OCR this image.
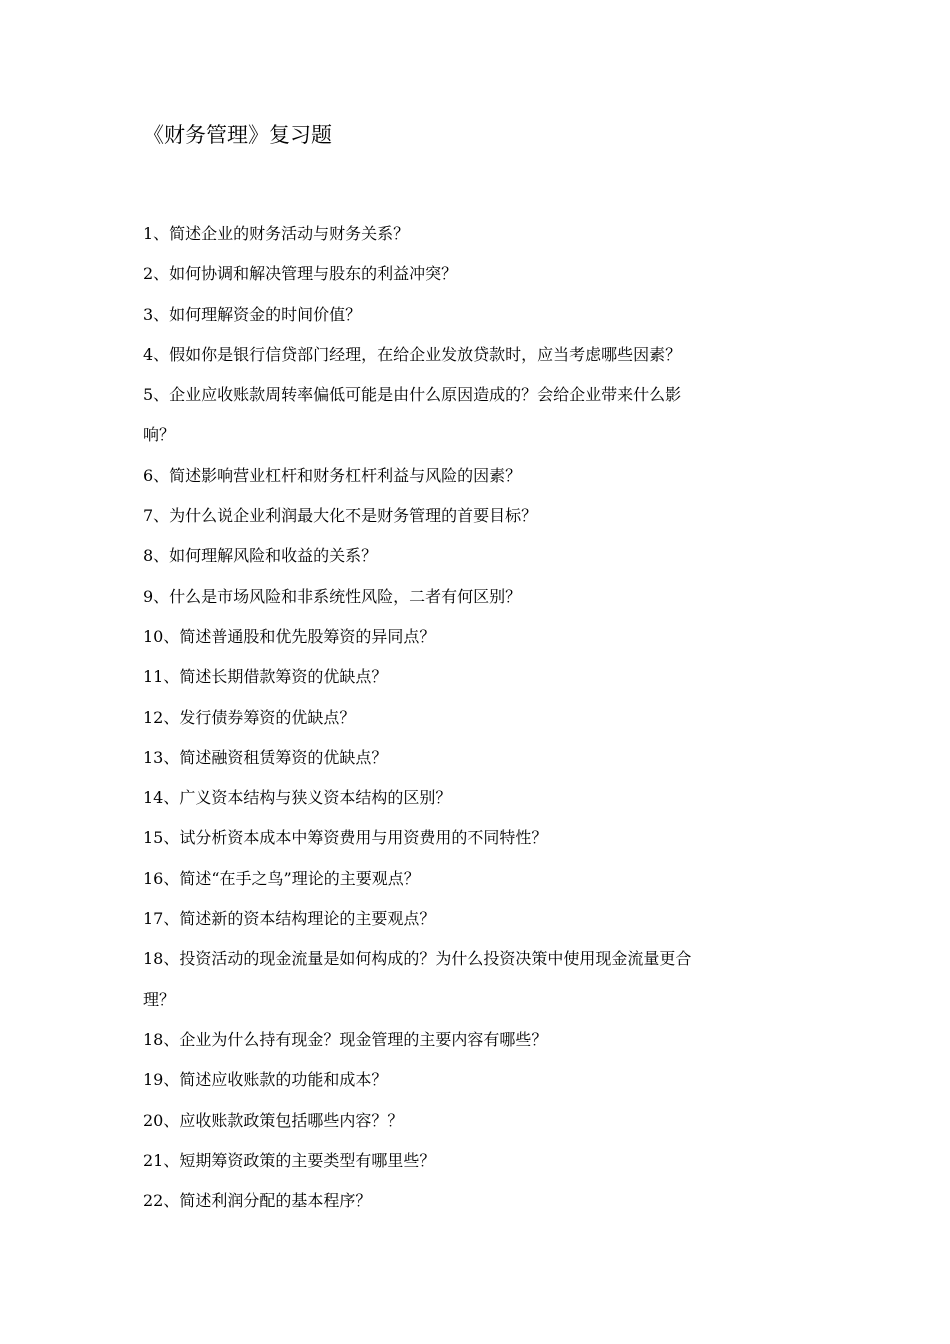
《财务管理》复习题
1、简述企业的财务活动与财务关系？
2、如何协调和解决管理与股东的利益冲突？
3、如何理解资金的时间价值？
4、假如你是银行信贷部门经理，在给企业发放贷款时，应当考虑哪些因素？
5、企业应收账款周转率偏低可能是由什么原因造成的？会给企业带来什么影
响？
6、简述影响营业杠杆和财务杠杆利益与风险的因素？
7、为什么说企业利润最大化不是财务管理的首要目标？
8、如何理解风险和收益的关系？
9、什么是市场风险和非系统性风险，二者有何区别？
10、简述普通股和优先股筹资的异同点？
11、简述长期借款筹资的优缺点？
12、发行债券筹资的优缺点？
13、简述融资租赁筹资的优缺点？
14、广义资本结构与狭义资本结构的区别？
15、试分析资本成本中筹资费用与用资费用的不同特性？
16、简述“在手之鸟”理论的主要观点？
17、简述新的资本结构理论的主要观点？
18、投资活动的现金流量是如何构成的？为什么投资决策中使用现金流量更合
理？
18、企业为什么持有现金？现金管理的主要内容有哪些？
19、简述应收账款的功能和成本？
20、应收账款政策包括哪些内容？？
21、短期筹资政策的主要类型有哪里些？
22、简述利润分配的基本程序？
